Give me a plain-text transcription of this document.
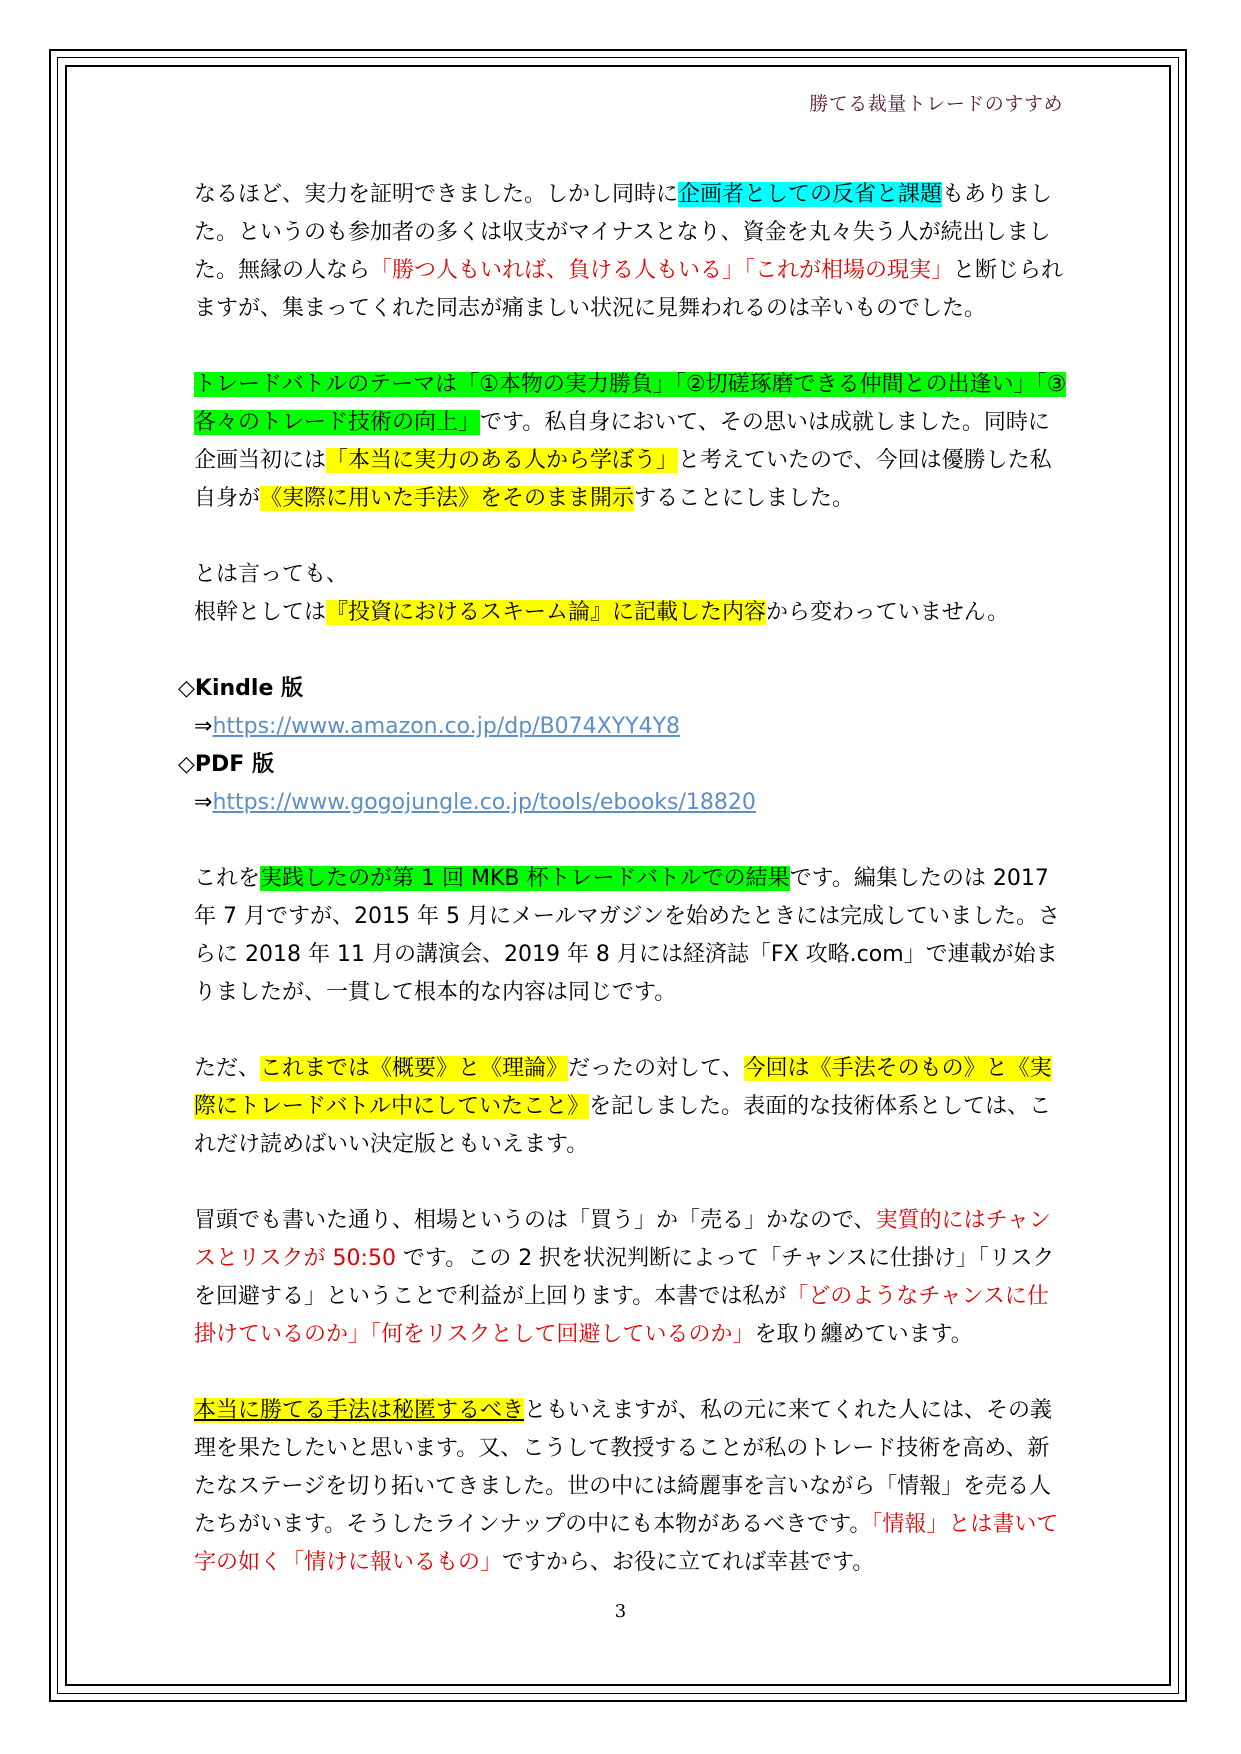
勝てる裁量トレードのすすめ

なるほど、実力を証明できました。しかし同時に企画者としての反省と課題もありました。というのも参加者の多くは収支がマイナスとなり、資金を丸々失う人が続出しました。無縁の人なら「勝つ人もいれば、負ける人もいる」「これが相場の現実」と断じられますが、集まってくれた同志が痛ましい状況に見舞われるのは辛いものでした。

トレードバトルのテーマは「①本物の実力勝負」「②切磋琢磨できる仲間との出逢い」「③各々のトレード技術の向上」です。私自身において、その思いは成就しました。同時に企画当初には「本当に実力のある人から学ぼう」と考えていたので、今回は優勝した私自身が《実際に用いた手法》をそのまま開示することにしました。

とは言っても、

根幹としては『投資におけるスキーム論』に記載した内容から変わっていません。

◇Kindle 版

⇒https://www.amazon.co.jp/dp/B074XYY4Y8

◇PDF 版

⇒https://www.gogojungle.co.jp/tools/ebooks/18820

これを実践したのが第 1 回 MKB 杯トレードバトルでの結果です。編集したのは 2017 年 7 月ですが、2015 年 5 月にメールマガジンを始めたときには完成していました。さらに 2018 年 11 月の講演会、2019 年 8 月には経済誌「FX 攻略.com」で連載が始まりましたが、一貫して根本的な内容は同じです。

ただ、これまでは《概要》と《理論》だったの対して、今回は《手法そのもの》と《実際にトレードバトル中にしていたこと》を記しました。表面的な技術体系としては、これだけ読めばいい決定版ともいえます。

冒頭でも書いた通り、相場というのは「買う」か「売る」かなので、実質的にはチャンスとリスクが 50:50 です。この 2 択を状況判断によって「チャンスに仕掛け」「リスクを回避する」ということで利益が上回ります。本書では私が「どのようなチャンスに仕掛けているのか」「何をリスクとして回避しているのか」を取り纏めています。

本当に勝てる手法は秘匿するべきともいえますが、私の元に来てくれた人には、その義理を果たしたいと思います。又、こうして教授することが私のトレード技術を高め、新たなステージを切り拓いてきました。世の中には綺麗事を言いながら「情報」を売る人たちがいます。そうしたラインナップの中にも本物があるべきです。「情報」とは書いて字の如く「情けに報いるもの」ですから、お役に立てれば幸甚です。

3
